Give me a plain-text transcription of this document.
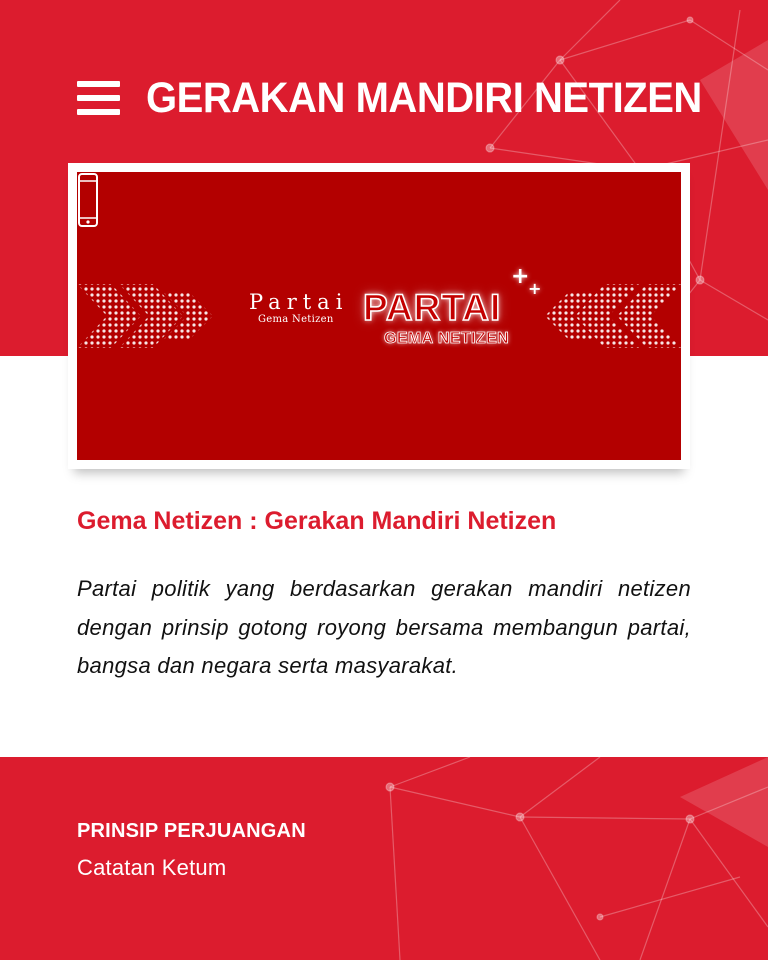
GERAKAN MANDIRI NETIZEN
Partai
Gema Netizen PARTAI
GEMA NETIZEN
+
+
Gema Netizen : Gerakan Mandiri Netizen

Partai politik yang berdasarkan gerakan mandiri netizen dengan prinsip gotong royong bersama membangun partai, bangsa dan negara serta masyarakat.

PRINSIP PERJUANGAN
Catatan Ketum
